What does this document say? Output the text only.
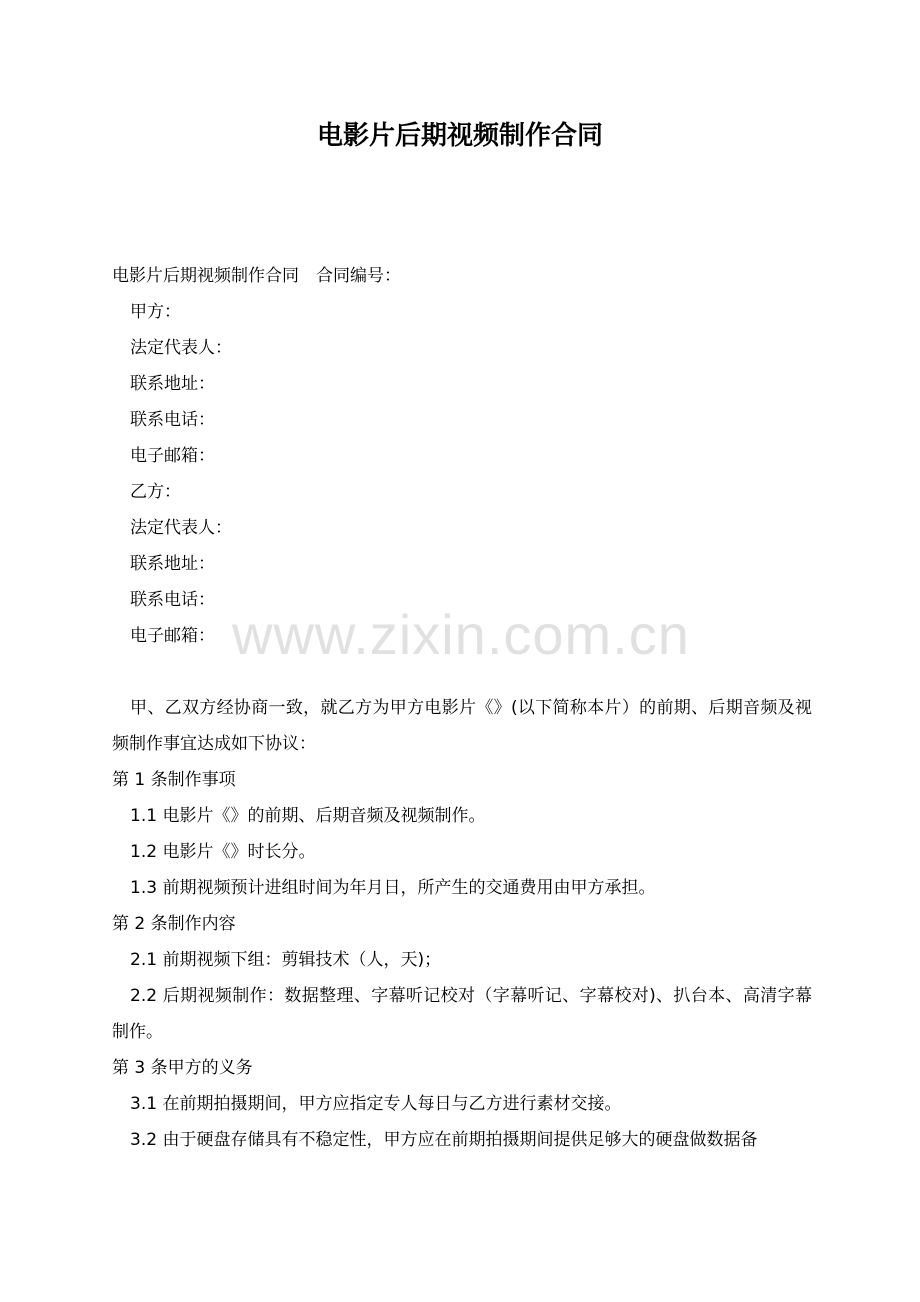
电影片后期视频制作合同

电影片后期视频制作合同　合同编号：

甲方：

法定代表人：

联系地址：

联系电话：

电子邮箱：

乙方：

法定代表人：

联系地址：

联系电话：

电子邮箱：

甲、乙双方经协商一致，就乙方为甲方电影片《》(以下简称本片）的前期、后期音频及视频制作事宜达成如下协议：

第 1 条制作事项

1.1 电影片《》的前期、后期音频及视频制作。

1.2 电影片《》时长分。

1.3 前期视频预计进组时间为年月日，所产生的交通费用由甲方承担。

第 2 条制作内容

2.1 前期视频下组：剪辑技术（人，天)；

2.2 后期视频制作：数据整理、字幕听记校对（字幕听记、字幕校对)、扒台本、高清字幕制作。

第 3 条甲方的义务

3.1 在前期拍摄期间，甲方应指定专人每日与乙方进行素材交接。

3.2 由于硬盘存储具有不稳定性，甲方应在前期拍摄期间提供足够大的硬盘做数据备

www.zixin.com.cn
